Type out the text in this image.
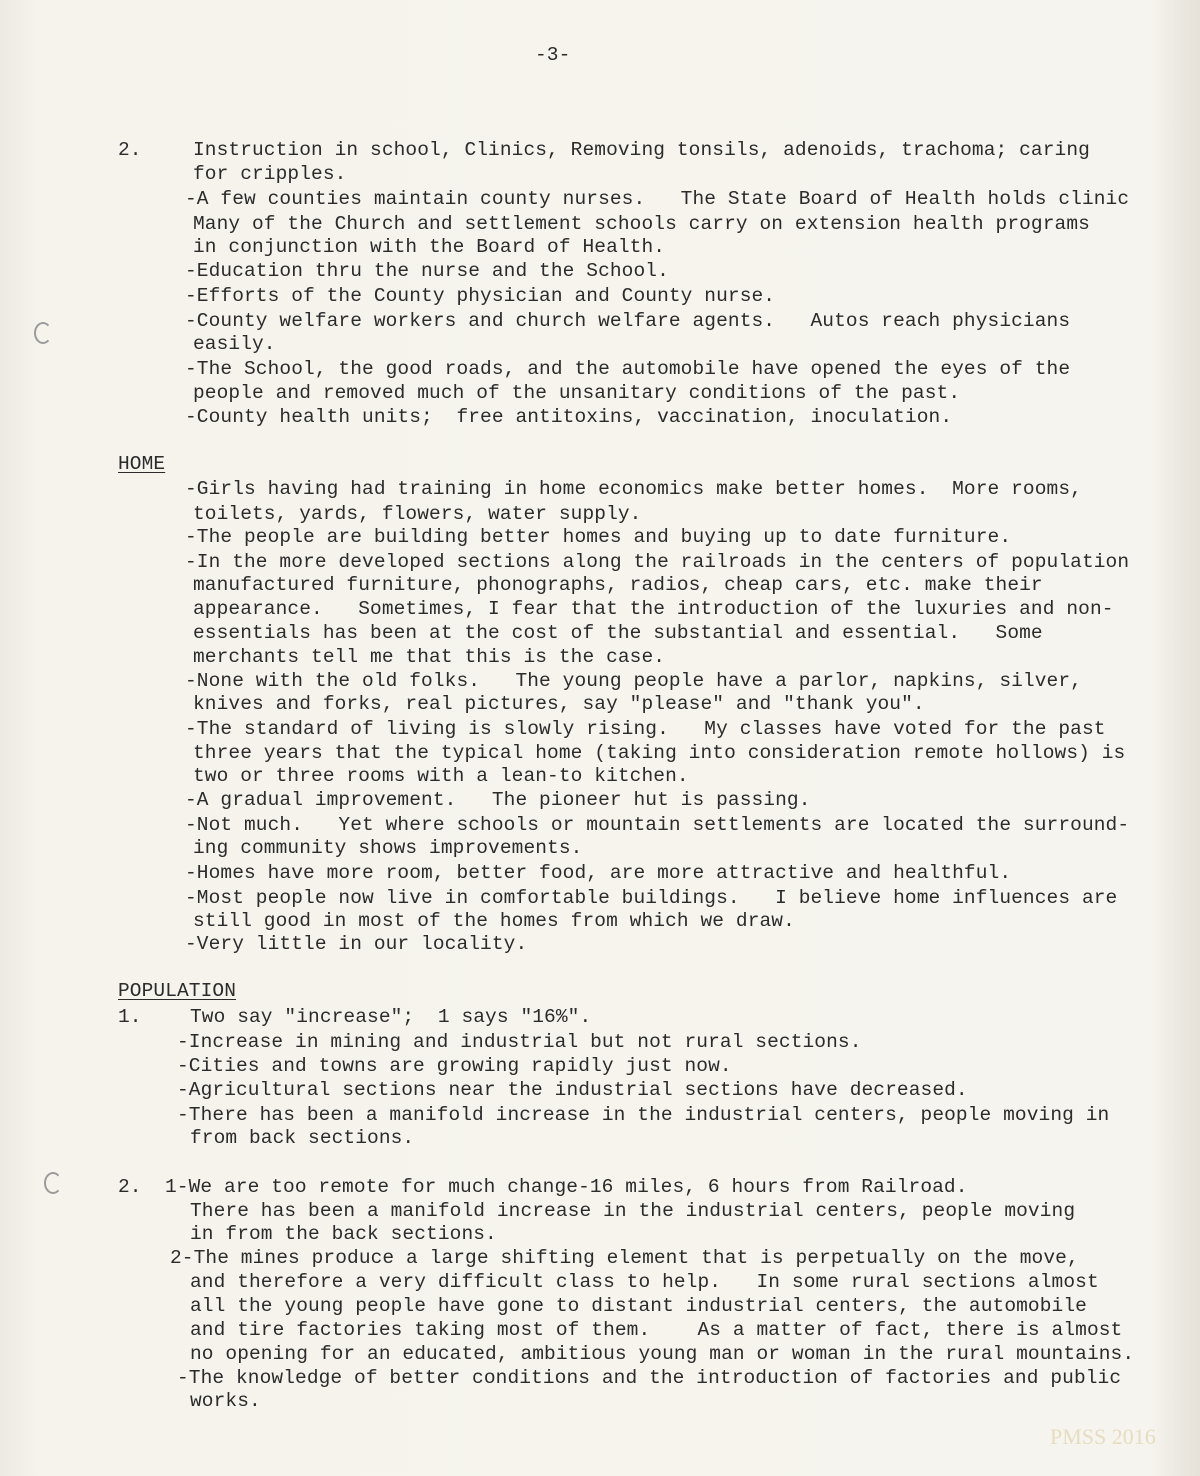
-3-
2.	Instruction in school, Clinics, Removing tonsils, adenoids, trachoma; caring
for cripples.
-A few counties maintain county nurses.   The State Board of Health holds clinic
Many of the Church and settlement schools carry on extension health programs
in conjunction with the Board of Health.
-Education thru the nurse and the School.
-Efforts of the County physician and County nurse.
-County welfare workers and church welfare agents.   Autos reach physicians
easily.
-The School, the good roads, and the automobile have opened the eyes of the
people and removed much of the unsanitary conditions of the past.
-County health units;  free antitoxins, vaccination, inoculation.
HOME
-Girls having had training in home economics make better homes.  More rooms,
toilets, yards, flowers, water supply.
-The people are building better homes and buying up to date furniture.
-In the more developed sections along the railroads in the centers of population
manufactured furniture, phonographs, radios, cheap cars, etc. make their
appearance.   Sometimes, I fear that the introduction of the luxuries and non-
essentials has been at the cost of the substantial and essential.   Some
merchants tell me that this is the case.
-None with the old folks.   The young people have a parlor, napkins, silver,
knives and forks, real pictures, say "please" and "thank you".
-The standard of living is slowly rising.   My classes have voted for the past
three years that the typical home (taking into consideration remote hollows) is
two or three rooms with a lean-to kitchen.
-A gradual improvement.   The pioneer hut is passing.
-Not much.   Yet where schools or mountain settlements are located the surround-
ing community shows improvements.
-Homes have more room, better food, are more attractive and healthful.
-Most people now live in comfortable buildings.   I believe home influences are
still good in most of the homes from which we draw.
-Very little in our locality.
POPULATION
1. Two say "increase";  1 says "16%".
-Increase in mining and industrial but not rural sections.
-Cities and towns are growing rapidly just now.
-Agricultural sections near the industrial sections have decreased.
-There has been a manifold increase in the industrial centers, people moving in
from back sections.
2. 1-We are too remote for much change-16 miles, 6 hours from Railroad.
There has been a manifold increase in the industrial centers, people moving
in from the back sections.
2-The mines produce a large shifting element that is perpetually on the move,
and therefore a very difficult class to help.   In some rural sections almost
all the young people have gone to distant industrial centers, the automobile
and tire factories taking most of them.    As a matter of fact, there is almost
no opening for an educated, ambitious young man or woman in the rural mountains.
-The knowledge of better conditions and the introduction of factories and public
works.
PMSS 2016
